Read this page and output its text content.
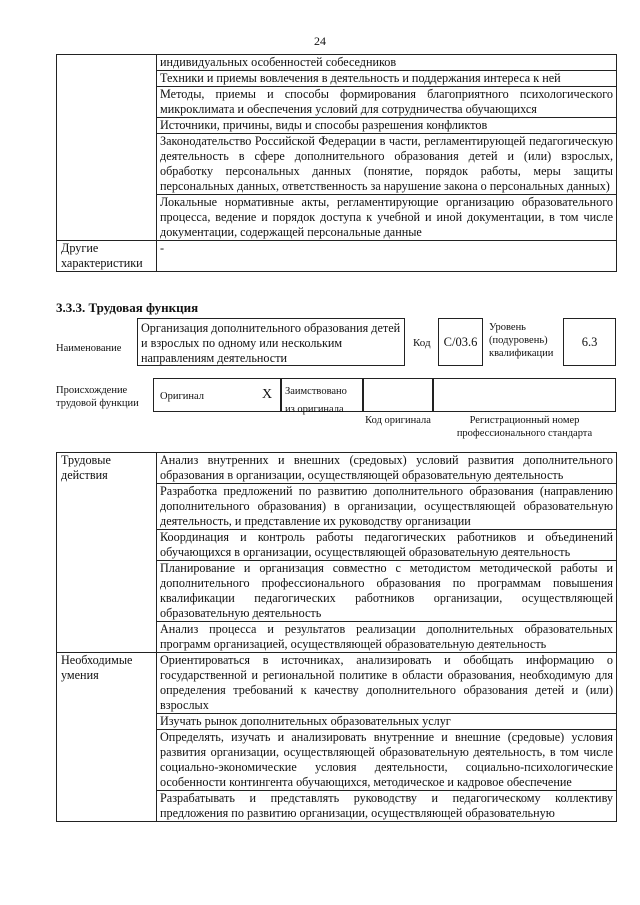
24
	индивидуальных особенностей собеседников
	Техники и приемы вовлечения в деятельность и поддержания интереса к ней
	Методы, приемы и способы формирования благоприятного психологического микроклимата и обеспечения условий для сотрудничества обучающихся
	Источники, причины, виды и способы разрешения конфликтов
	Законодательство Российской Федерации в части, регламентирующей педагогическую деятельность в сфере дополнительного образования детей и (или) взрослых, обработку персональных данных (понятие, порядок работы, меры защиты персональных данных, ответственность за нарушение закона о персональных данных)
	Локальные нормативные акты, регламентирующие организацию образовательного процесса, ведение и порядок доступа к учебной и иной документации, в том числе документации, содержащей персональные данные
Другие характеристики	-
3.3.3. Трудовая функция
Наименование
Организация дополнительного образования детей и взрослых по одному или нескольким направлениям деятельности
Код	С/03.6
Уровень (подуровень) квалификации
6.3
Происхождение трудовой функции
Оригинал	X	Заимствовано из оригинала
Код оригинала	Регистрационный номер профессионального стандарта
Трудовые действия	Анализ внутренних и внешних (средовых) условий развития дополнительного образования в организации, осуществляющей образовательную деятельность
	Разработка предложений по развитию дополнительного образования (направлению дополнительного образования) в организации, осуществляющей образовательную деятельность, и представление их руководству организации
	Координация и контроль работы педагогических работников и объединений обучающихся в организации, осуществляющей образовательную деятельность
	Планирование и организация совместно с методистом методической работы и дополнительного профессионального образования по программам повышения квалификации педагогических работников организации, осуществляющей образовательную деятельность
	Анализ процесса и результатов реализации дополнительных образовательных программ организацией, осуществляющей образовательную деятельность
Необходимые умения	Ориентироваться в источниках, анализировать и обобщать информацию о государственной и региональной политике в области образования, необходимую для определения требований к качеству дополнительного образования детей и (или) взрослых
	Изучать рынок дополнительных образовательных услуг
	Определять, изучать и анализировать внутренние и внешние (средовые) условия развития организации, осуществляющей образовательную деятельность, в том числе социально-экономические условия деятельности, социально-психологические особенности контингента обучающихся, методическое и кадровое обеспечение
	Разрабатывать и представлять руководству и педагогическому коллективу предложения по развитию организации, осуществляющей образовательную
